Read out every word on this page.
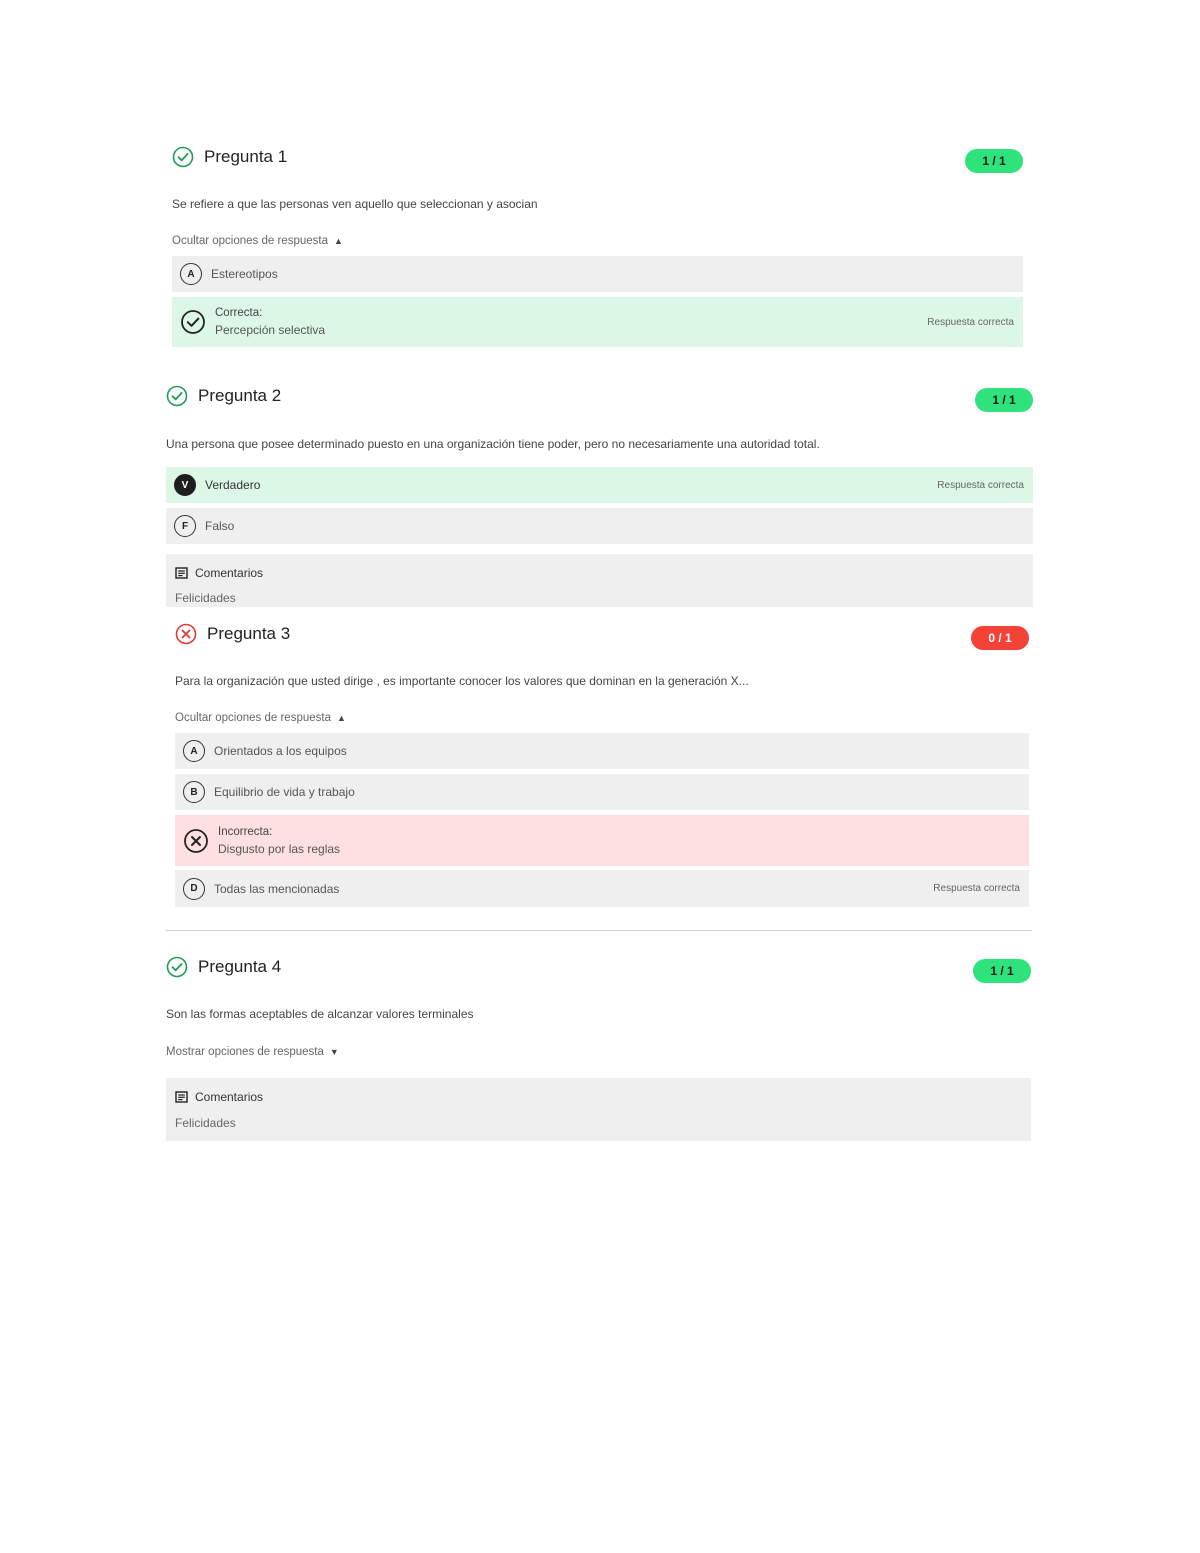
Pregunta 1	1 / 1
Se refiere a que las personas ven aquello que seleccionan y asocian
Ocultar opciones de respuesta ▲
A	Estereotipos
Correcta:
Percepción selectiva
Respuesta correcta
Pregunta 2	1 / 1
Una persona que posee determinado puesto en una organización tiene poder, pero no necesariamente una autoridad total.
V	Verdadero	Respuesta correcta
F	Falso
Comentarios
Felicidades
Pregunta 3	0 / 1
Para la organización que usted dirige , es importante conocer los valores que dominan en la generación X...
Ocultar opciones de respuesta ▲
A	Orientados a los equipos
B	Equilibrio de vida y trabajo
Incorrecta:
Disgusto por las reglas
D	Todas las mencionadas	Respuesta correcta
Pregunta 4	1 / 1
Son las formas aceptables de alcanzar valores terminales
Mostrar opciones de respuesta ▼
Comentarios
Felicidades
